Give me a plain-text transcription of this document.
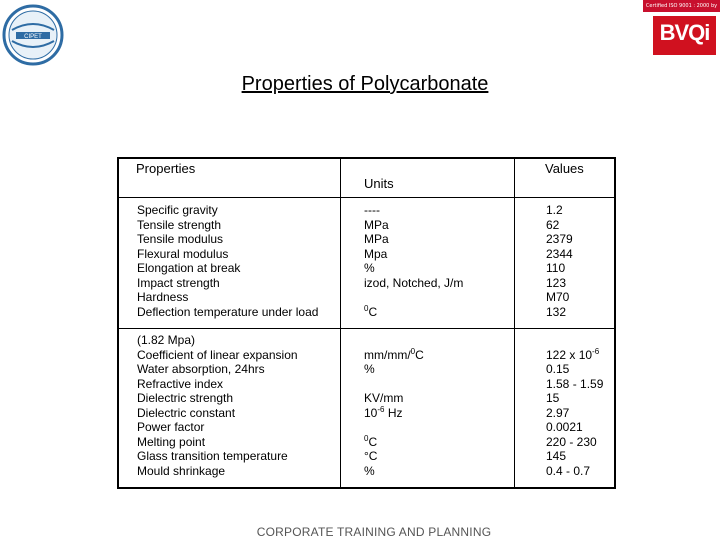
CIPET
Certified ISO 9001 : 2000 by
BVQi
Properties of Polycarbonate
Properties
Units
Values
Specific gravity
Tensile strength
Tensile modulus
Flexural modulus
Elongation at break
Impact strength
Hardness
Deflection temperature under load
----
MPa
MPa
Mpa
%
izod, Notched, J/m
$^0$C
1.2
62
2379
2344
110
123
M70
132
(1.82 Mpa)
Coefficient of linear expansion
Water absorption, 24hrs
Refractive index
Dielectric strength
Dielectric constant
Power factor
Melting point
Glass transition temperature
Mould shrinkage
mm/mm/$^0$C
%
KV/mm
$10^{-6}$ Hz
$^0$C
°C
%
122 x $10^{-6}$
0.15
1.58 - 1.59
15
2.97
0.0021
220 - 230
145
0.4 - 0.7
CORPORATE TRAINING AND PLANNING
